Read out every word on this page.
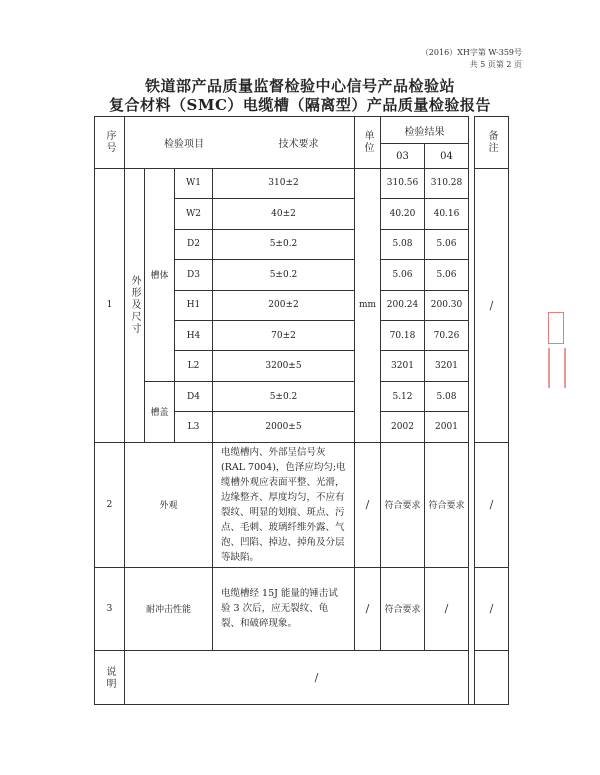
（2016）XH字第 W-359号
共 5 页第 2 页
铁道部产品质量监督检验中心信号产品检验站
复合材料（SMC）电缆槽（隔离型）产品质量检验报告
序号	检验项目 技术要求				单位	检验结果			备注

						03	04		
1	外形及尺寸	槽体	W1	310±2	mm	310.56	310.28		/
			W2	40±2		40.20	40.16		
			D2	5±0.2		5.08	5.06		
			D3	5±0.2		5.06	5.06		
			H1	200±2		200.24	200.30		
			H4	70±2		70.18	70.26		
			L2	3200±5		3201	3201		
		槽盖	D4	5±0.2		5.12	5.08		
			L3	2000±5		2002	2001		
2	外观			电缆槽内、外部呈信号灰(RAL 7004)，色泽应均匀;电缆槽外观应表面平整、光滑，边缘整齐、厚度均匀，不应有裂纹、明显的划痕、斑点、污点、毛刺、玻璃纤维外露、气泡、凹陷、掉边、掉角及分层等缺陷。	/	符合要求	符合要求		/
3	耐冲击性能			电缆槽经 15J 能量的锤击试验 3 次后，应无裂纹、龟裂、和破碎现象。	/	符合要求	/		/

说明	/								
